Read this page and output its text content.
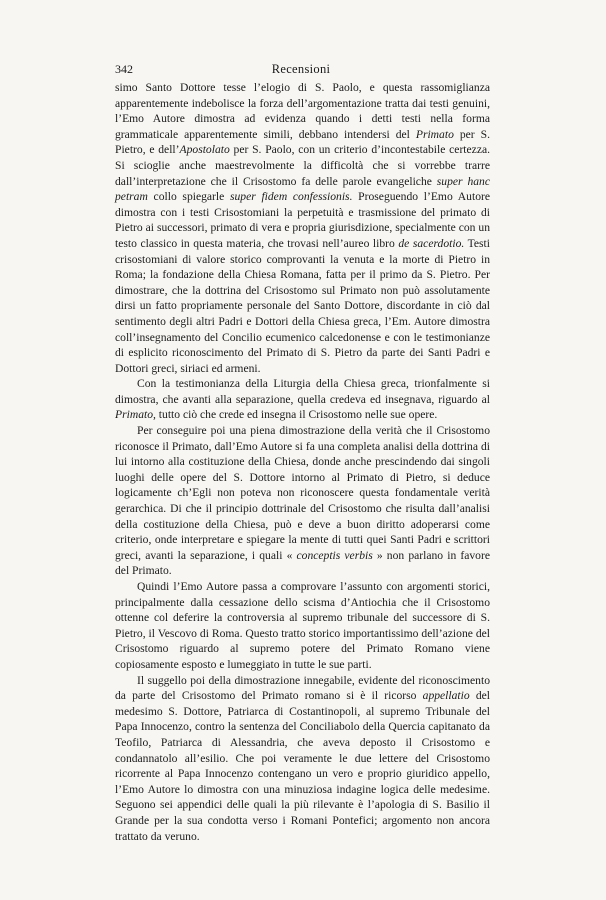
342	Recensioni

simo Santo Dottore tesse l’elogio di S. Paolo, e questa rassomiglianza apparentemente indebolisce la forza dell’argomentazione tratta dai testi genuini, l’Emo Autore dimostra ad evidenza quando i detti testi nella forma grammaticale apparentemente simili, debbano intendersi del Primato per S. Pietro, e dell’Apostolato per S. Paolo, con un criterio d’incontestabile certezza. Si scioglie anche maestrevolmente la difficoltà che si vorrebbe trarre dall’interpretazione che il Crisostomo fa delle parole evangeliche super hanc petram collo spiegarle super fidem confessionis. Proseguendo l’Emo Autore dimostra con i testi Crisostomiani la perpetuità e trasmissione del primato di Pietro ai successori, primato di vera e propria giurisdizione, specialmente con un testo classico in questa materia, che trovasi nell’aureo libro de sacerdotio. Testi crisostomiani di valore storico comprovanti la venuta e la morte di Pietro in Roma; la fondazione della Chiesa Romana, fatta per il primo da S. Pietro. Per dimostrare, che la dottrina del Crisostomo sul Primato non può assolutamente dirsi un fatto propriamente personale del Santo Dottore, discordante in ciò dal sentimento degli altri Padri e Dottori della Chiesa greca, l’Em. Autore dimostra coll’insegnamento del Concilio ecumenico calcedonense e con le testimonianze di esplicito riconoscimento del Primato di S. Pietro da parte dei Santi Padri e Dottori greci, siriaci ed armeni.

Con la testimonianza della Liturgia della Chiesa greca, trionfalmente si dimostra, che avanti alla separazione, quella credeva ed insegnava, riguardo al Primato, tutto ciò che crede ed insegna il Crisostomo nelle sue opere.

Per conseguire poi una piena dimostrazione della verità che il Crisostomo riconosce il Primato, dall’Emo Autore si fa una completa analisi della dottrina di lui intorno alla costituzione della Chiesa, donde anche prescindendo dai singoli luoghi delle opere del S. Dottore intorno al Primato di Pietro, si deduce logicamente ch’Egli non poteva non riconoscere questa fondamentale verità gerarchica. Di che il principio dottrinale del Crisostomo che risulta dall’analisi della costituzione della Chiesa, può e deve a buon diritto adoperarsi come criterio, onde interpretare e spiegare la mente di tutti quei Santi Padri e scrittori greci, avanti la separazione, i quali « conceptis verbis » non parlano in favore del Primato.

Quindi l’Emo Autore passa a comprovare l’assunto con argomenti storici, principalmente dalla cessazione dello scisma d’Antiochia che il Crisostomo ottenne col deferire la controversia al supremo tribunale del successore di S. Pietro, il Vescovo di Roma. Questo tratto storico importantissimo dell’azione del Crisostomo riguardo al supremo potere del Primato Romano viene copiosamente esposto e lumeggiato in tutte le sue parti.

Il suggello poi della dimostrazione innegabile, evidente del riconoscimento da parte del Crisostomo del Primato romano si è il ricorso appellatio del medesimo S. Dottore, Patriarca di Costantinopoli, al supremo Tribunale del Papa Innocenzo, contro la sentenza del Conciliabolo della Quercia capitanato da Teofilo, Patriarca di Alessandria, che aveva deposto il Crisostomo e condannatolo all’esilio. Che poi veramente le due lettere del Crisostomo ricorrente al Papa Innocenzo contengano un vero e proprio giuridico appello, l’Emo Autore lo dimostra con una minuziosa indagine logica delle medesime. Seguono sei appendici delle quali la più rilevante è l’apologia di S. Basilio il Grande per la sua condotta verso i Romani Pontefici; argomento non ancora trattato da veruno.
